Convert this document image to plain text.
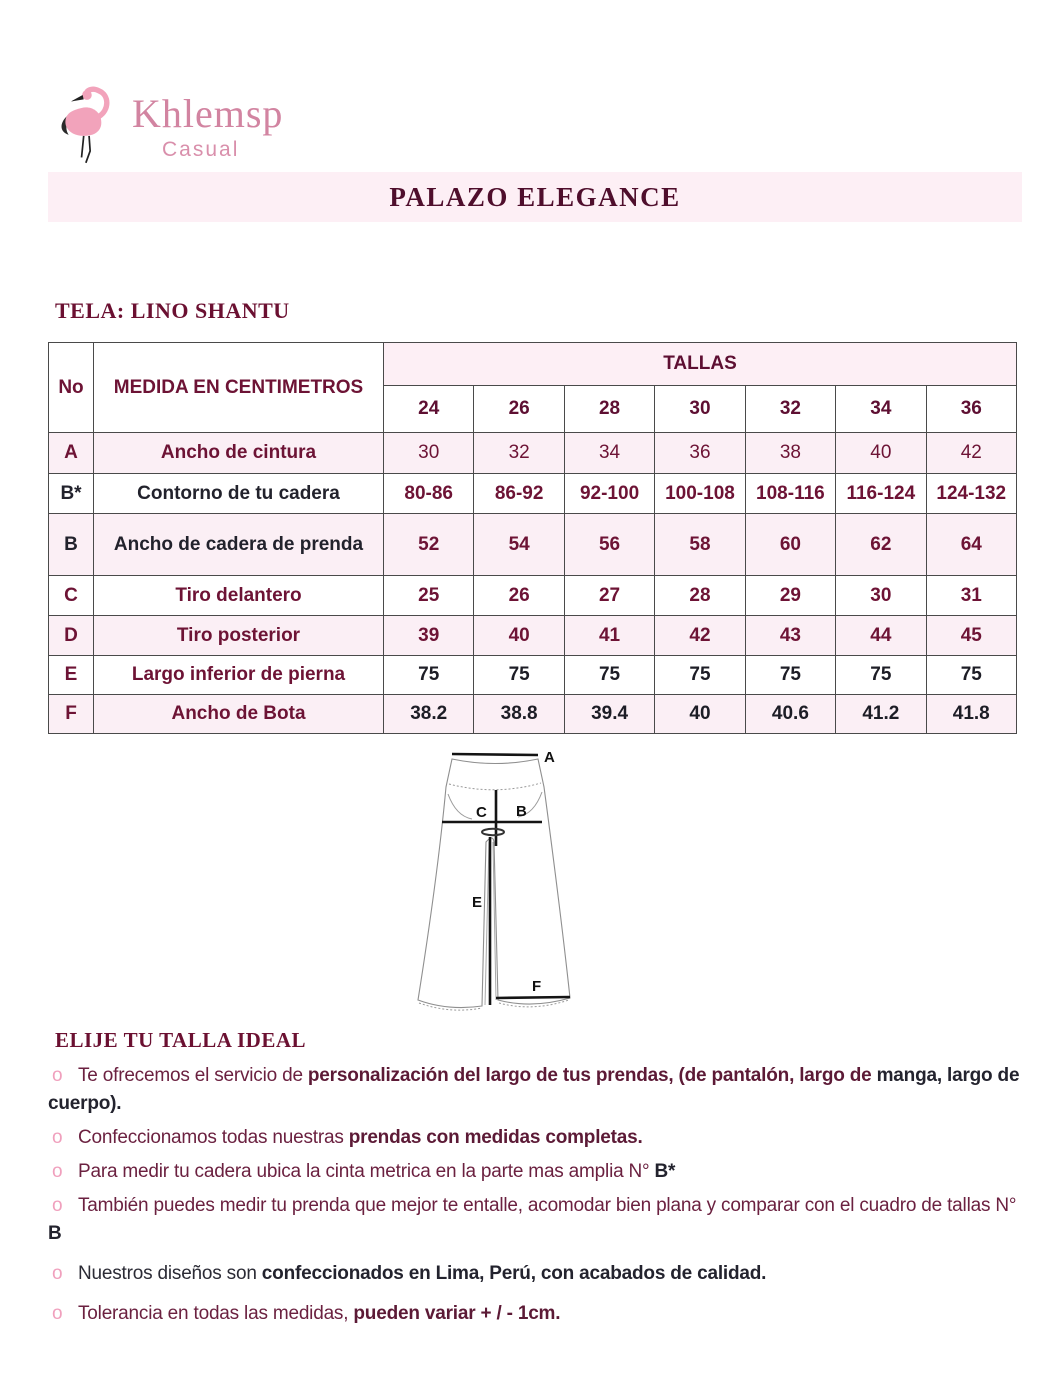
Khlemsp
Casual
PALAZO ELEGANCE
TELA: LINO SHANTU
No	MEDIDA EN CENTIMETROS	TALLAS						
		24	26	28	30	32	34	36
A	Ancho de cintura	30	32	34	36	38	40	42
B*	Contorno de tu cadera	80-86	86-92	92-100	100-108	108-116	116-124	124-132
B	Ancho de cadera de prenda	52	54	56	58	60	62	64
C	Tiro delantero	25	26	27	28	29	30	31
D	Tiro posterior	39	40	41	42	43	44	45
E	Largo inferior de pierna	75	75	75	75	75	75	75
F	Ancho de Bota	38.2	38.8	39.4	40	40.6	41.2	41.8
A
B
C
E
F
ELIJE TU TALLA IDEAL

o Te ofrecemos el servicio de personalización del largo de tus prendas, (de pantalón, largo de manga, largo de cuerpo).

o Confeccionamos todas nuestras prendas con medidas completas.

o Para medir tu cadera ubica la cinta metrica en la parte mas amplia N° B*

o También puedes medir tu prenda que mejor te entalle, acomodar bien plana y comparar con el cuadro de tallas N° B

o Nuestros diseños son confeccionados en Lima, Perú, con acabados de calidad.

o Tolerancia en todas las medidas, pueden variar + / - 1cm.
